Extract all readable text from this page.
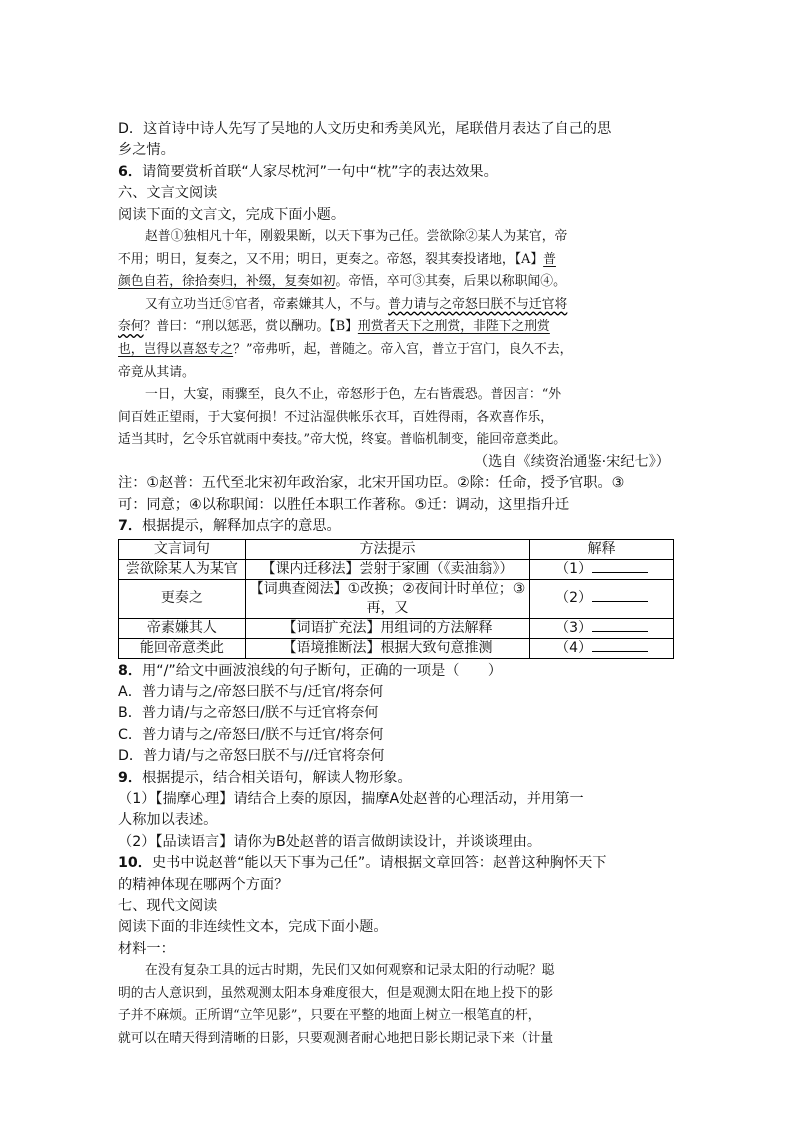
D．这首诗中诗人先写了吴地的人文历史和秀美风光，尾联借月表达了自己的思
乡之情。
6．请简要赏析首联“人家尽枕河”一句中“枕”字的表达效果。
六、文言文阅读
阅读下面的文言文，完成下面小题。
赵普①独相凡十年，刚毅果断，以天下事为己任。尝欲除②某人为某官，帝
不用；明日，复奏之，又不用；明日，更奏之。帝怒，裂其奏投诸地，【A】普
颜色自若，徐拾奏归，补缀，复奏如初。帝悟，卒可③其奏，后果以称职闻④。
又有立功当迁⑤官者，帝素嫌其人，不与。普力请与之帝怒曰朕不与迁官将
奈何？普曰：“刑以惩恶，赏以酬功。【B】刑赏者天下之刑赏，非陛下之刑赏
也，岂得以喜怒专之？”帝弗听，起，普随之。帝入宫，普立于宫门，良久不去，
帝竟从其请。
一日，大宴，雨骤至，良久不止，帝怒形于色，左右皆震恐。普因言：“外
间百姓正望雨，于大宴何损！不过沾湿供帐乐衣耳，百姓得雨，各欢喜作乐，
适当其时，乞令乐官就雨中奏技。”帝大悦，终宴。普临机制变，能回帝意类此。
（选自《续资治通鉴·宋纪七》）
注：①赵普：五代至北宋初年政治家，北宋开国功臣。②除：任命，授予官职。③
可：同意；④以称职闻：以胜任本职工作著称。⑤迁：调动，这里指升迁
7．根据提示，解释加点字的意思。
文言词句	方法提示	解释
尝欲除某人为某官	【课内迁移法】尝射于家圃（《卖油翁》）	（1）
更奏之	【词典查阅法】①改换；②夜间计时单位；③再，又	（2）
帝素嫌其人	【词语扩充法】用组词的方法解释	（3）
能回帝意类此	【语境推断法】根据大致句意推测	（4）
8．用“/”给文中画波浪线的句子断句，正确的一项是（　　）
A．普力请与之/帝怒曰朕不与/迁官/将奈何
B．普力请/与之帝怒曰/朕不与迁官将奈何
C．普力请与之/帝怒曰/朕不与迁官/将奈何
D．普力请/与之帝怒曰朕不与//迁官将奈何
9．根据提示，结合相关语句，解读人物形象。
（1）【揣摩心理】请结合上奏的原因，揣摩A处赵普的心理活动，并用第一
人称加以表述。
（2）【品读语言】请你为B处赵普的语言做朗读设计，并谈谈理由。
10．史书中说赵普“能以天下事为己任”。请根据文章回答：赵普这种胸怀天下
的精神体现在哪两个方面？
七、现代文阅读
阅读下面的非连续性文本，完成下面小题。
材料一：
在没有复杂工具的远古时期，先民们又如何观察和记录太阳的行动呢？聪
明的古人意识到，虽然观测太阳本身难度很大，但是观测太阳在地上投下的影
子并不麻烦。正所谓“立竿见影”，只要在平整的地面上树立一根笔直的杆，
就可以在晴天得到清晰的日影，只要观测者耐心地把日影长期记录下来（计量
